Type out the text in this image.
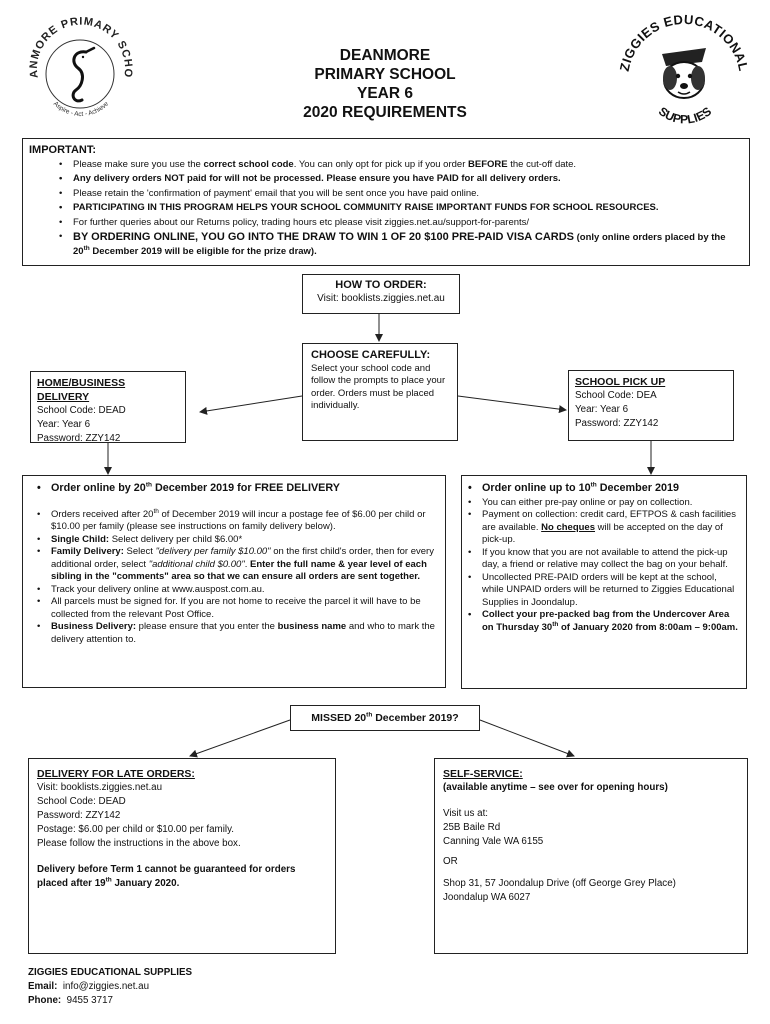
DEANMORE PRIMARY SCHOOL
Aspire - Act - Achieve
ZIGGIES EDUCATIONAL
SUPPLIES
DEANMORE
PRIMARY SCHOOL
YEAR 6
2020 REQUIREMENTS
IMPORTANT:
• Please make sure you use the correct school code. You can only opt for pick up if you order BEFORE the cut-off date.
• Any delivery orders NOT paid for will not be processed. Please ensure you have PAID for all delivery orders.
• Please retain the 'confirmation of payment' email that you will be sent once you have paid online.
• PARTICIPATING IN THIS PROGRAM HELPS YOUR SCHOOL COMMUNITY RAISE IMPORTANT FUNDS FOR SCHOOL RESOURCES.
• For further queries about our Returns policy, trading hours etc please visit ziggies.net.au/support-for-parents/
• BY ORDERING ONLINE, YOU GO INTO THE DRAW TO WIN 1 OF 20 $100 PRE-PAID VISA CARDS (only online orders placed by the 20th December 2019 will be eligible for the prize draw).
HOW TO ORDER:
Visit: booklists.ziggies.net.au
CHOOSE CAREFULLY:
Select your school code and follow the prompts to place your order. Orders must be placed individually.
HOME/BUSINESS DELIVERY
School Code: DEAD
Year: Year 6
Password: ZZY142
SCHOOL PICK UP
School Code: DEA
Year: Year 6
Password: ZZY142
• Order online by 20th December 2019 for FREE DELIVERY
• Orders received after 20th of December 2019 will incur a postage fee of $6.00 per child or $10.00 per family (please see instructions on family delivery below).
• Single Child: Select delivery per child $6.00*
• Family Delivery: Select "delivery per family $10.00" on the first child's order, then for every additional order, select "additional child $0.00". Enter the full name & year level of each sibling in the "comments" area so that we can ensure all orders are sent together.
• Track your delivery online at www.auspost.com.au.
• All parcels must be signed for. If you are not home to receive the parcel it will have to be collected from the relevant Post Office.
• Business Delivery: please ensure that you enter the business name and who to mark the delivery attention to.
• Order online up to 10th December 2019
• You can either pre-pay online or pay on collection.
• Payment on collection: credit card, EFTPOS & cash facilities are available. No cheques will be accepted on the day of pick-up.
• If you know that you are not available to attend the pick-up day, a friend or relative may collect the bag on your behalf.
• Uncollected PRE-PAID orders will be kept at the school, while UNPAID orders will be returned to Ziggies Educational Supplies in Joondalup.
• Collect your pre-packed bag from the Undercover Area on Thursday 30th of January 2020 from 8:00am – 9:00am.
MISSED 20th December 2019?
DELIVERY FOR LATE ORDERS:
Visit: booklists.ziggies.net.au
School Code: DEAD
Password: ZZY142
Postage: $6.00 per child or $10.00 per family.
Please follow the instructions in the above box.
Delivery before Term 1 cannot be guaranteed for orders placed after 19th January 2020.
SELF-SERVICE:
(available anytime – see over for opening hours)
Visit us at:
25B Baile Rd
Canning Vale WA 6155
OR
Shop 31, 57 Joondalup Drive (off George Grey Place)
Joondalup WA 6027
ZIGGIES EDUCATIONAL SUPPLIES
Email: info@ziggies.net.au
Phone: 9455 3717
